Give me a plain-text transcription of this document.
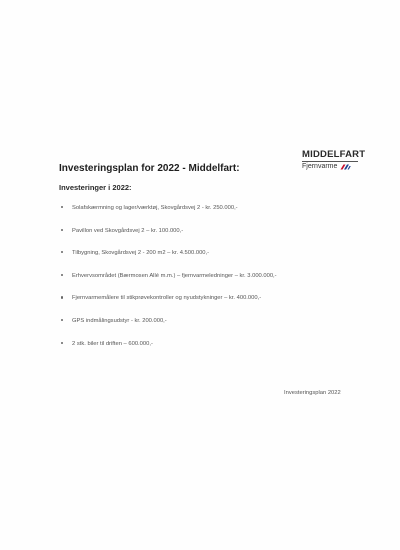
MIDDELFART
Fjernvarme
Investeringsplan for 2022 - Middelfart:
Investeringer i 2022:
Solafskærmning og lager/værktøj, Skovgårdsvej 2 - kr. 250.000,-
Pavillon ved Skovgårdsvej 2 – kr. 100.000,-
Tilbygning, Skovgårdsvej 2 - 200 m2 – kr. 4.500.000,-
Erhvervsområdet (Bærmosen Allé m.m.) – fjernvarmeledninger – kr. 3.000.000,-
Fjernvarmemålere til stikprøvekontroller og nyudstykninger – kr. 400.000,-
GPS indmålingsudstyr - kr. 200.000,-
2 stk. biler til driften – 600.000,-
Investeringsplan 2022
